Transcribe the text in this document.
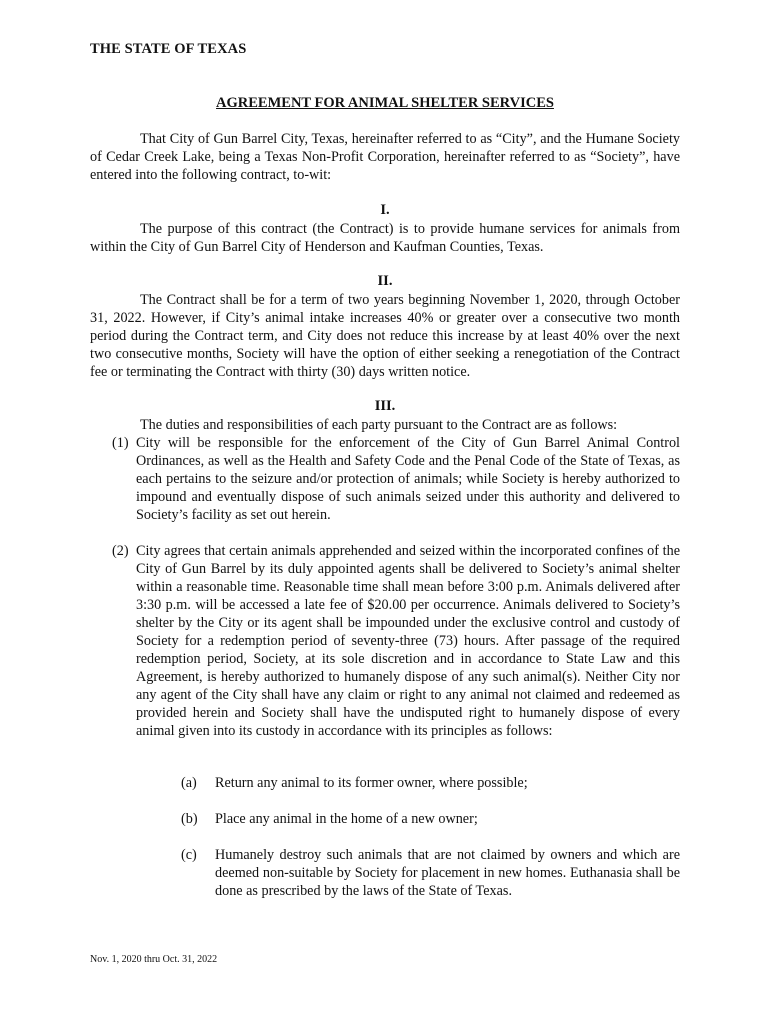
THE STATE OF TEXAS
AGREEMENT FOR ANIMAL SHELTER SERVICES

That City of Gun Barrel City, Texas, hereinafter referred to as “City”, and the Humane Society of Cedar Creek Lake, being a Texas Non-Profit Corporation, hereinafter referred to as “Society”, have entered into the following contract, to-wit:

I.

The purpose of this contract (the Contract) is to provide humane services for animals from within the City of Gun Barrel City of Henderson and Kaufman Counties, Texas.

II.

The Contract shall be for a term of two years beginning November 1, 2020, through October 31, 2022. However, if City’s animal intake increases 40% or greater over a consecutive two month period during the Contract term, and City does not reduce this increase by at least 40% over the next two consecutive months, Society will have the option of either seeking a renegotiation of the Contract fee or terminating the Contract with thirty (30) days written notice.

III.

The duties and responsibilities of each party pursuant to the Contract are as follows:

(1) City will be responsible for the enforcement of the City of Gun Barrel Animal Control Ordinances, as well as the Health and Safety Code and the Penal Code of the State of Texas, as each pertains to the seizure and/or protection of animals; while Society is hereby authorized to impound and eventually dispose of such animals seized under this authority and delivered to Society’s facility as set out herein.
(2) City agrees that certain animals apprehended and seized within the incorporated confines of the City of Gun Barrel by its duly appointed agents shall be delivered to Society’s animal shelter within a reasonable time. Reasonable time shall mean before 3:00 p.m. Animals delivered after 3:30 p.m. will be accessed a late fee of $20.00 per occurrence. Animals delivered to Society’s shelter by the City or its agent shall be impounded under the exclusive control and custody of Society for a redemption period of seventy-three (73) hours. After passage of the required redemption period, Society, at its sole discretion and in accordance to State Law and this Agreement, is hereby authorized to humanely dispose of any such animal(s). Neither City nor any agent of the City shall have any claim or right to any animal not claimed and redeemed as provided herein and Society shall have the undisputed right to humanely dispose of every animal given into its custody in accordance with its principles as follows:
(a) Return any animal to its former owner, where possible;
(b) Place any animal in the home of a new owner;
(c) Humanely destroy such animals that are not claimed by owners and which are deemed non-suitable by Society for placement in new homes. Euthanasia shall be done as prescribed by the laws of the State of Texas.
Nov. 1, 2020 thru Oct. 31, 2022
